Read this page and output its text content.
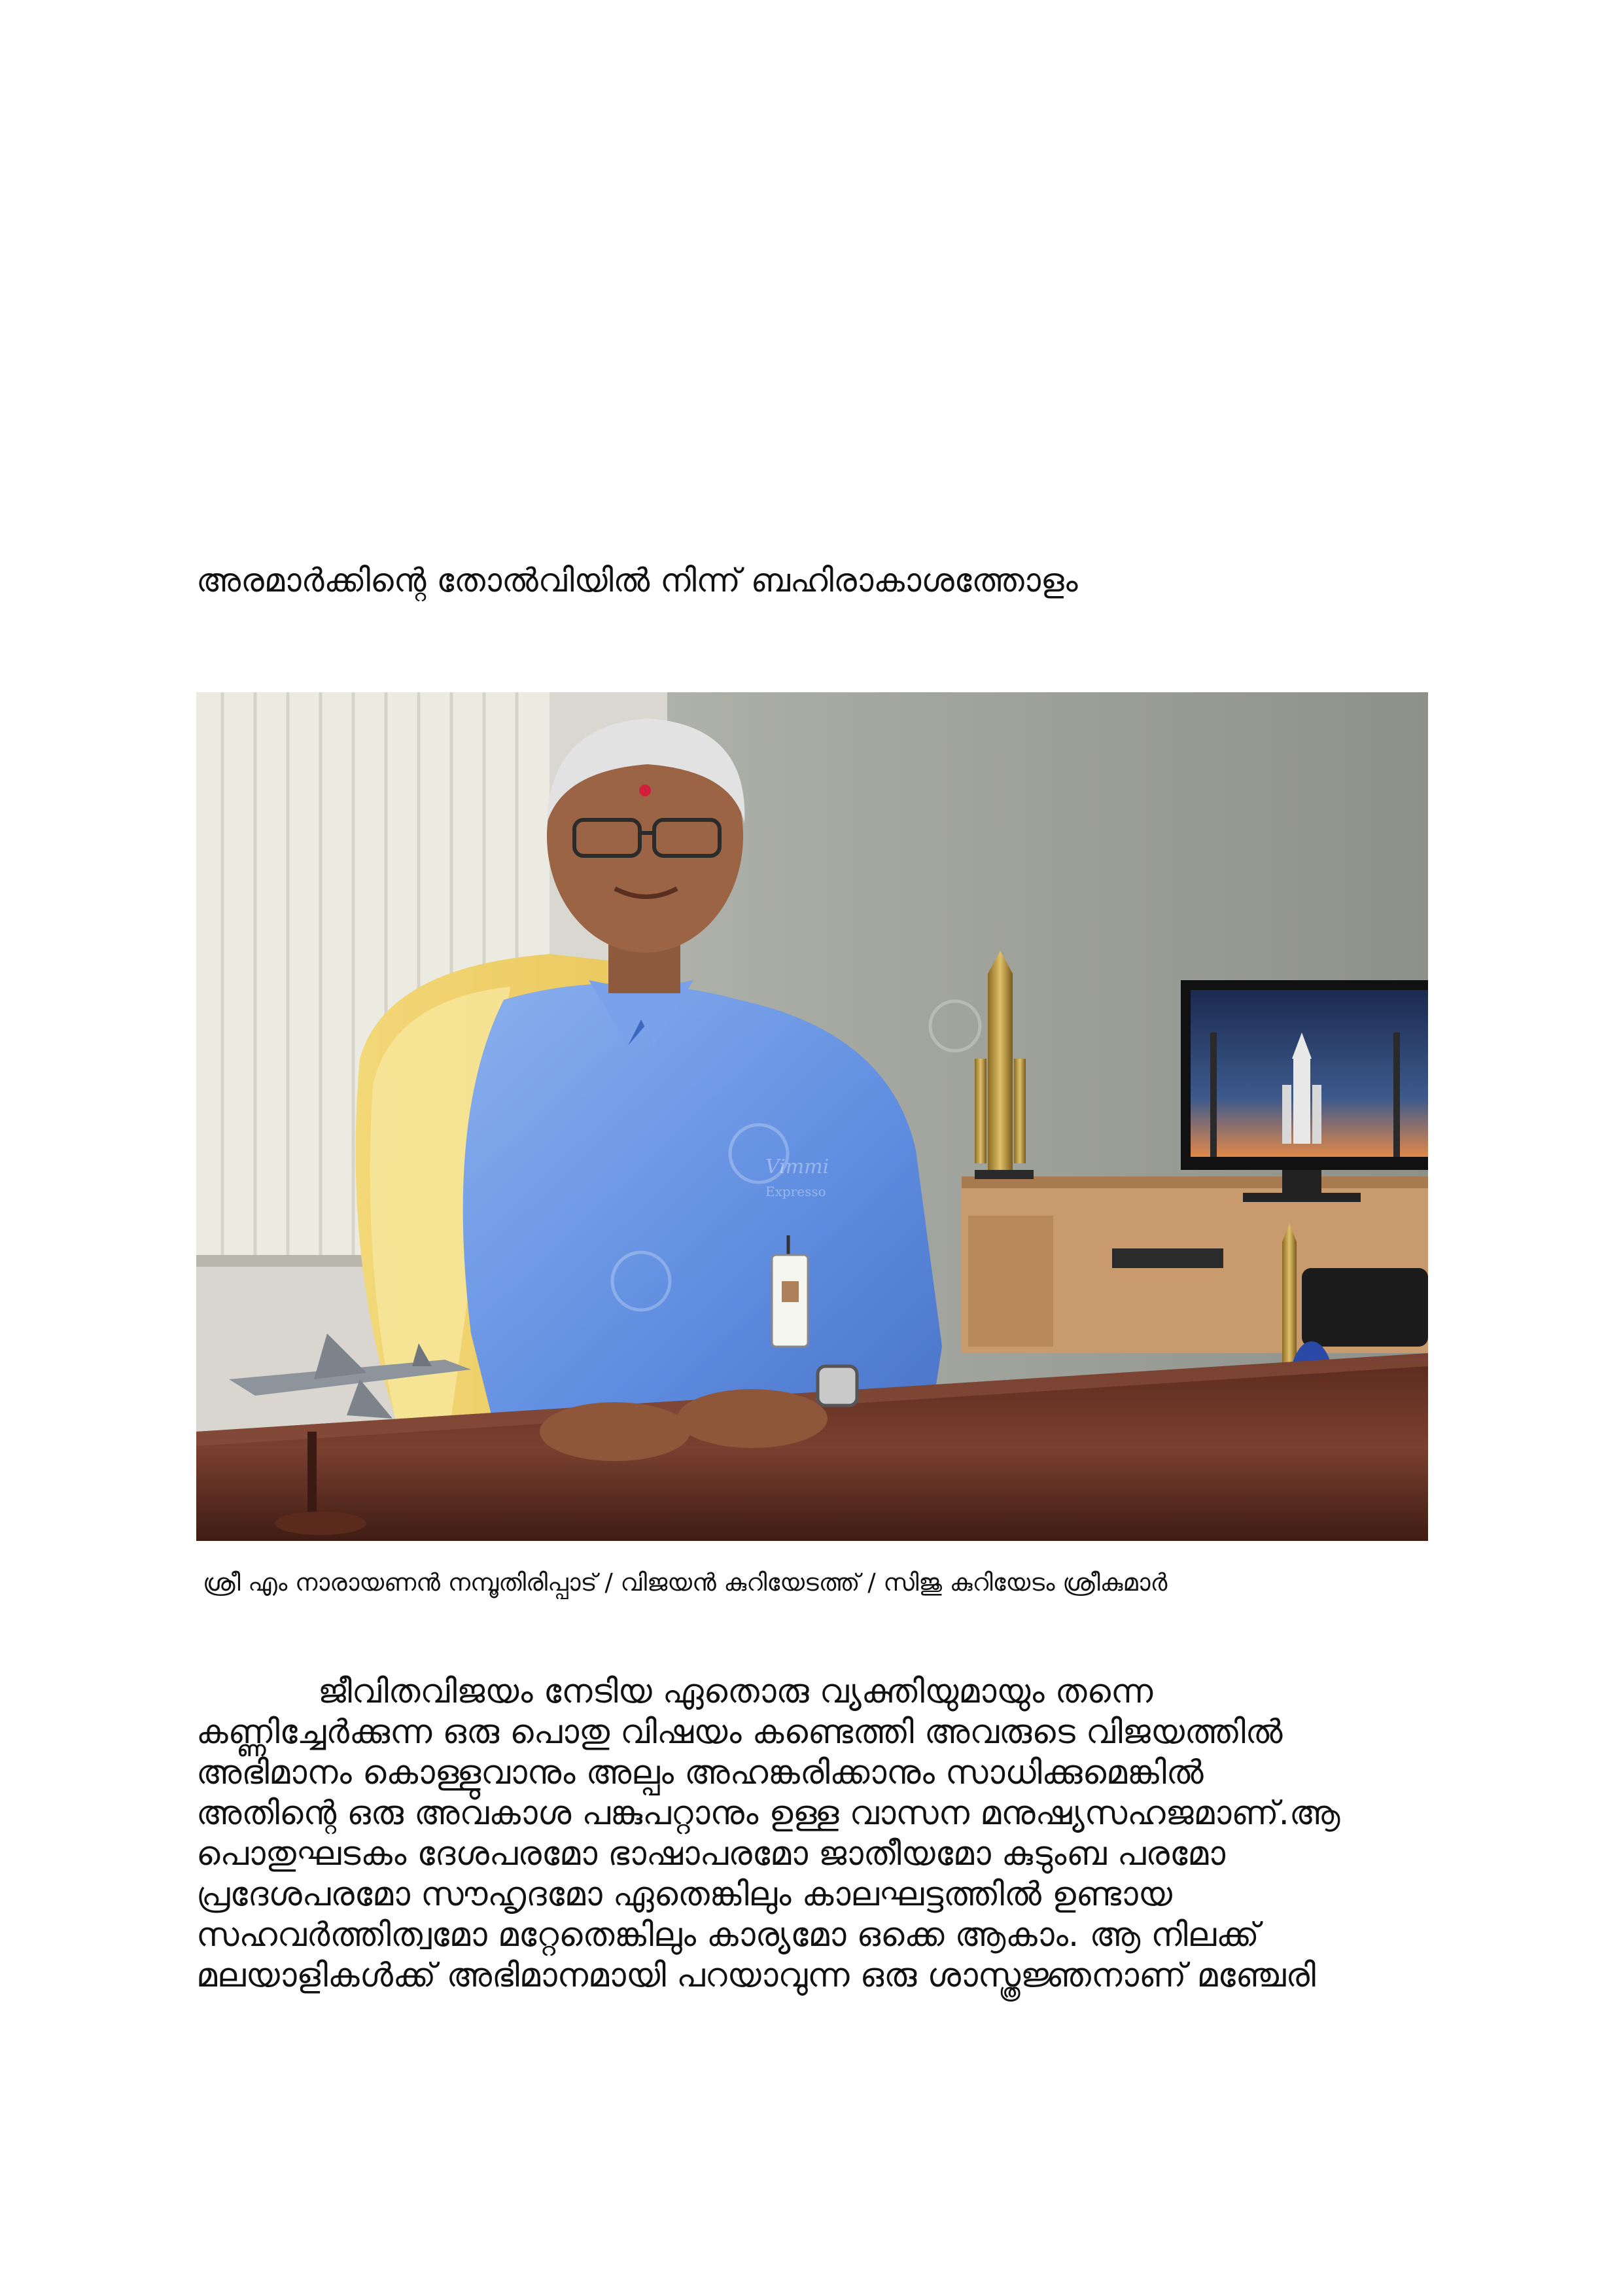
അരമാർക്കിന്റെ തോൽവിയിൽ നിന്ന് ബഹിരാകാശത്തോളം
Vimmi
Expresso
ശ്രീ എം നാരായണൻ നമ്പൂതിരിപ്പാട് / വിജയൻ കുറിയേടത്ത് / സിജു കുറിയേടം ശ്രീകുമാർ

ജീവിതവിജയം നേടിയ ഏതൊരു വ്യക്തിയുമായും തന്നെ
കണ്ണിച്ചേർക്കുന്ന ഒരു പൊതു വിഷയം കണ്ടെത്തി അവരുടെ വിജയത്തിൽ
അഭിമാനം കൊള്ളുവാനും അല്പം അഹങ്കരിക്കാനും സാധിക്കുമെങ്കിൽ
അതിന്റെ ഒരു അവകാശ പങ്കുപറ്റാനും ഉള്ള വാസന മനുഷ്യസഹജമാണ്.ആ
പൊതുഘടകം ദേശപരമോ ഭാഷാപരമോ ജാതീയമോ കുടുംബ പരമോ
പ്രദേശപരമോ സൗഹൃദമോ ഏതെങ്കിലും കാലഘട്ടത്തിൽ ഉണ്ടായ
സഹവർത്തിത്വമോ മറ്റേതെങ്കിലും കാര്യമോ ഒക്കെ ആകാം. ആ നിലക്ക്
മലയാളികൾക്ക് അഭിമാനമായി പറയാവുന്ന ഒരു ശാസ്ത്രജ്ഞനാണ് മഞ്ചേരി
